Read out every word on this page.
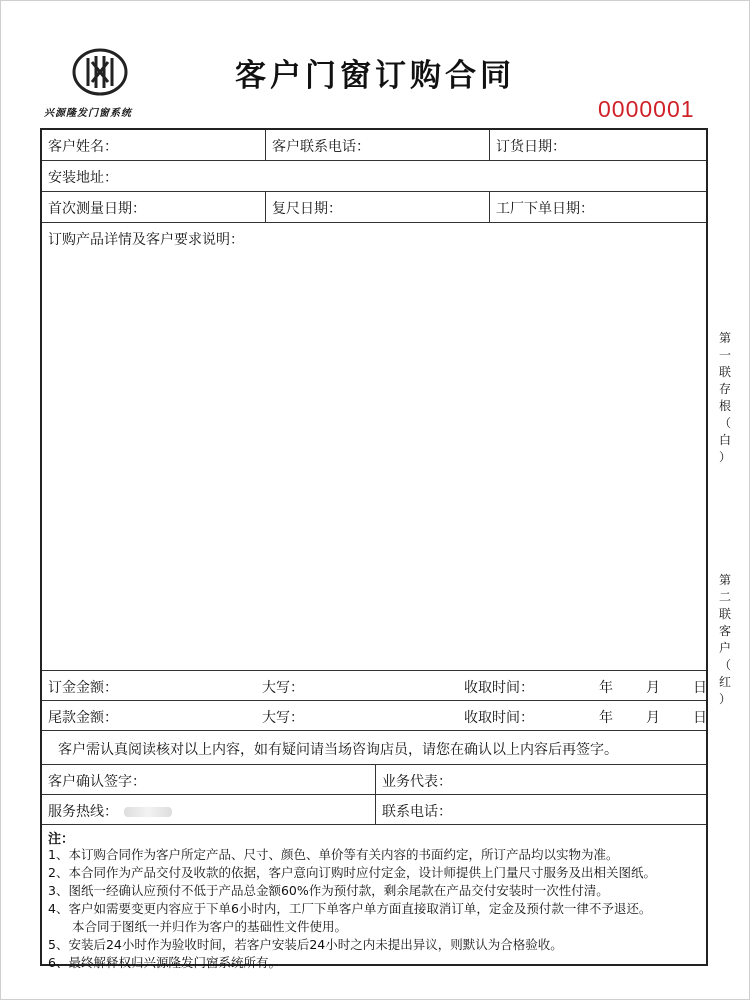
兴源隆发门窗系统
客户门窗订购合同
0000001
客户姓名：	客户联系电话：	订货日期：
安装地址：
首次测量日期：	复尺日期：	工厂下单日期：
订购产品详情及客户要求说明：
订金金额：	大写：	收取时间：	年 月 日
尾款金额：	大写：	收取时间：	年 月 日
客户需认真阅读核对以上内容，如有疑问请当场咨询店员，请您在确认以上内容后再签字。
客户确认签字：	业务代表：
服务热线：	联系电话：
注：
1、本订购合同作为客户所定产品、尺寸、颜色、单价等有关内容的书面约定，所订产品均以实物为准。
2、本合同作为产品交付及收款的依据，客户意向订购时应付定金，设计师提供上门量尺寸服务及出相关图纸。
3、图纸一经确认应预付不低于产品总金额60%作为预付款，剩余尾款在产品交付安装时一次性付清。
4、客户如需要变更内容应于下单6小时内，工厂下单客户单方面直接取消订单，定金及预付款一律不予退还。
本合同于图纸一并归作为客户的基础性文件使用。
5、安装后24小时作为验收时间，若客户安装后24小时之内未提出异议，则默认为合格验收。
6、最终解释权归兴源隆发门窗系统所有。
第
一
联
存
根
（
白
）
第
二
联
客
户
（
红
）
